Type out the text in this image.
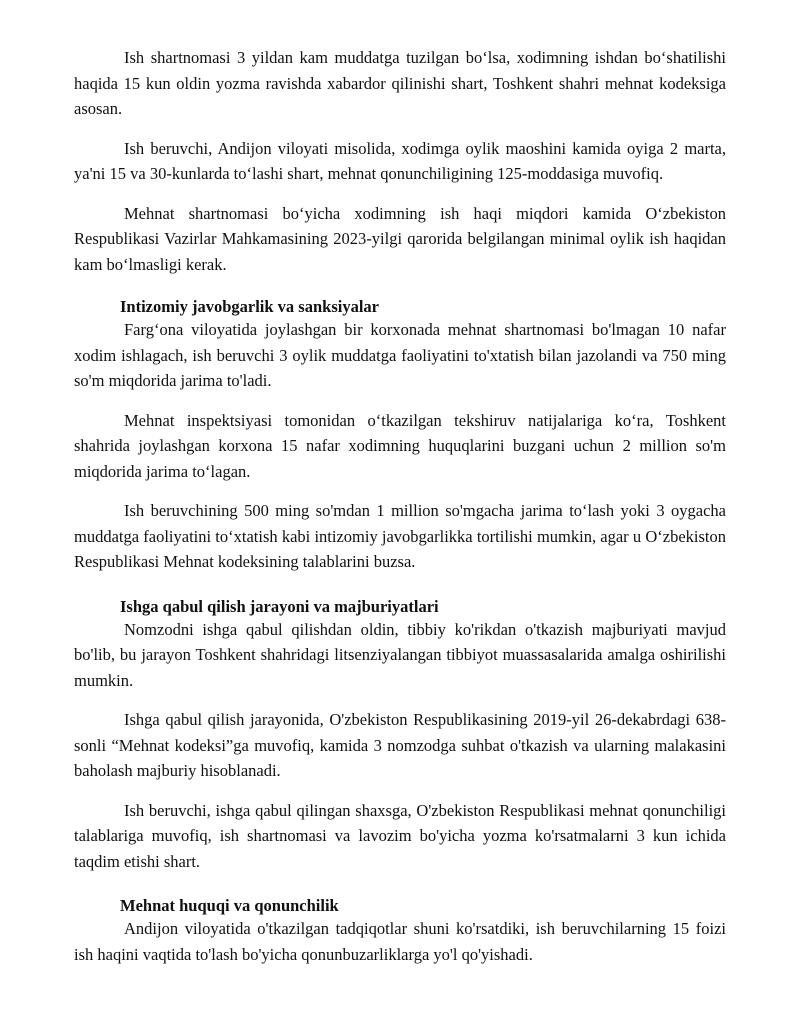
Ish shartnomasi 3 yildan kam muddatga tuzilgan bo‘lsa, xodimning ishdan bo‘shatilishi haqida 15 kun oldin yozma ravishda xabardor qilinishi shart, Toshkent shahri mehnat kodeksiga asosan.

Ish beruvchi, Andijon viloyati misolida, xodimga oylik maoshini kamida oyiga 2 marta, ya'ni 15 va 30-kunlarda to‘lashi shart, mehnat qonunchiligining 125-moddasiga muvofiq.

Mehnat shartnomasi bo‘yicha xodimning ish haqi miqdori kamida O‘zbekiston Respublikasi Vazirlar Mahkamasining 2023-yilgi qarorida belgilangan minimal oylik ish haqidan kam bo‘lmasligi kerak.

Intizomiy javobgarlik va sanksiyalar

Farg‘ona viloyatida joylashgan bir korxonada mehnat shartnomasi bo'lmagan 10 nafar xodim ishlagach, ish beruvchi 3 oylik muddatga faoliyatini to'xtatish bilan jazolandi va 750 ming so'm miqdorida jarima to'ladi.

Mehnat inspektsiyasi tomonidan o‘tkazilgan tekshiruv natijalariga ko‘ra, Toshkent shahrida joylashgan korxona 15 nafar xodimning huquqlarini buzgani uchun 2 million so'm miqdorida jarima to‘lagan.

Ish beruvchining 500 ming so'mdan 1 million so'mgacha jarima to‘lash yoki 3 oygacha muddatga faoliyatini to‘xtatish kabi intizomiy javobgarlikka tortilishi mumkin, agar u O‘zbekiston Respublikasi Mehnat kodeksining talablarini buzsa.

Ishga qabul qilish jarayoni va majburiyatlari

Nomzodni ishga qabul qilishdan oldin, tibbiy ko'rikdan o'tkazish majburiyati mavjud bo'lib, bu jarayon Toshkent shahridagi litsenziyalangan tibbiyot muassasalarida amalga oshirilishi mumkin.

Ishga qabul qilish jarayonida, O'zbekiston Respublikasining 2019-yil 26-dekabrdagi 638-sonli “Mehnat kodeksi”ga muvofiq, kamida 3 nomzodga suhbat o'tkazish va ularning malakasini baholash majburiy hisoblanadi.

Ish beruvchi, ishga qabul qilingan shaxsga, O'zbekiston Respublikasi mehnat qonunchiligi talablariga muvofiq, ish shartnomasi va lavozim bo'yicha yozma ko'rsatmalarni 3 kun ichida taqdim etishi shart.

Mehnat huquqi va qonunchilik

Andijon viloyatida o'tkazilgan tadqiqotlar shuni ko'rsatdiki, ish beruvchilarning 15 foizi ish haqini vaqtida to'lash bo'yicha qonunbuzarliklarga yo'l qo'yishadi.
